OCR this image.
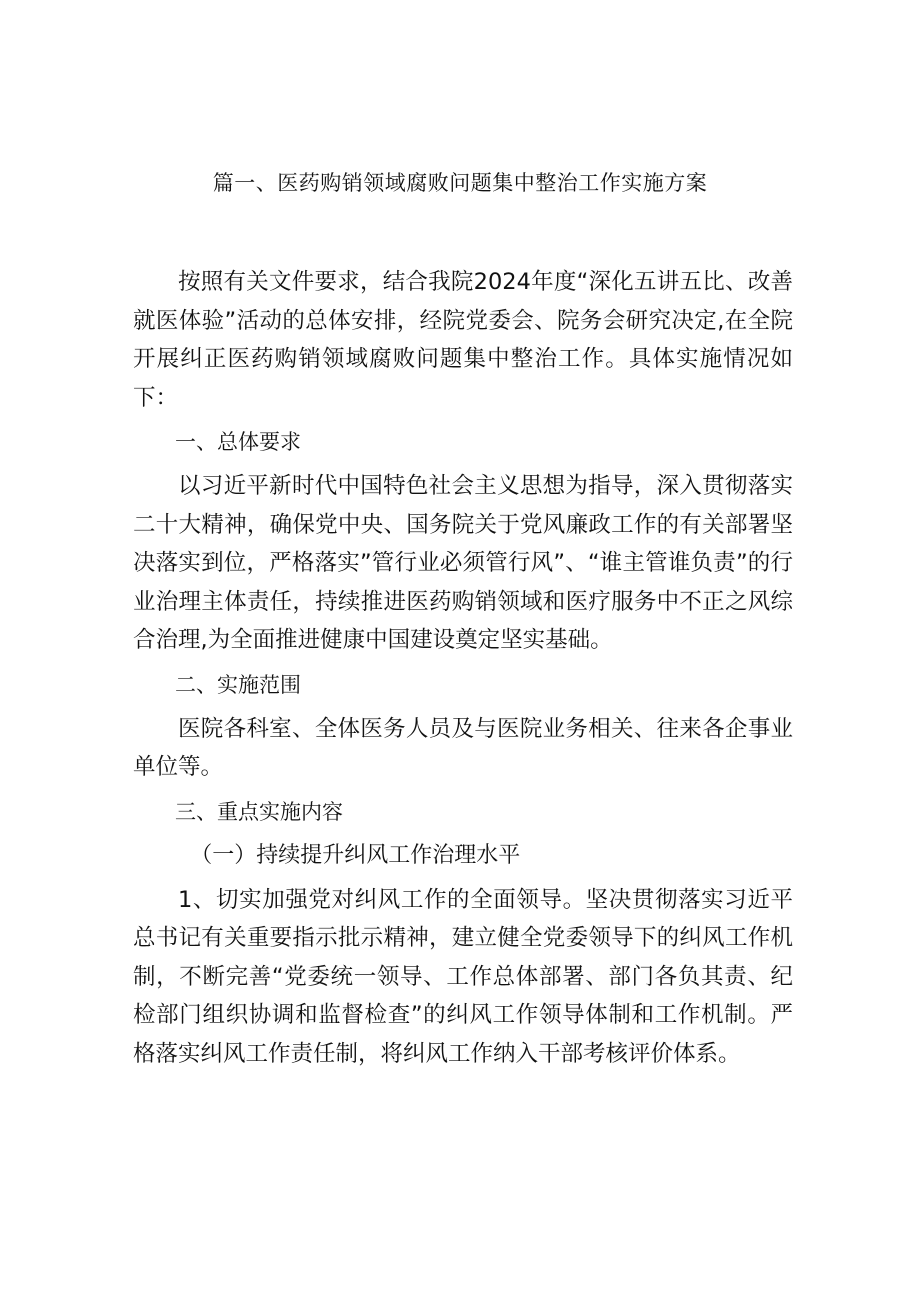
篇一、医药购销领域腐败问题集中整治工作实施方案

按照有关文件要求，结合我院2024年度“深化五讲五比、改善就医体验”活动的总体安排，经院党委会、院务会研究决定,在全院开展纠正医药购销领域腐败问题集中整治工作。具体实施情况如下：

一、总体要求

以习近平新时代中国特色社会主义思想为指导，深入贯彻落实二十大精神，确保党中央、国务院关于党风廉政工作的有关部署坚决落实到位，严格落实”管行业必须管行风”、“谁主管谁负责”的行业治理主体责任，持续推进医药购销领域和医疗服务中不正之风综合治理,为全面推进健康中国建设奠定坚实基础。

二、实施范围

医院各科室、全体医务人员及与医院业务相关、往来各企事业单位等。

三、重点实施内容

（一）持续提升纠风工作治理水平

1、切实加强党对纠风工作的全面领导。坚决贯彻落实习近平总书记有关重要指示批示精神，建立健全党委领导下的纠风工作机制，不断完善“党委统一领导、工作总体部署、部门各负其责、纪检部门组织协调和监督检查”的纠风工作领导体制和工作机制。严格落实纠风工作责任制，将纠风工作纳入干部考核评价体系。
